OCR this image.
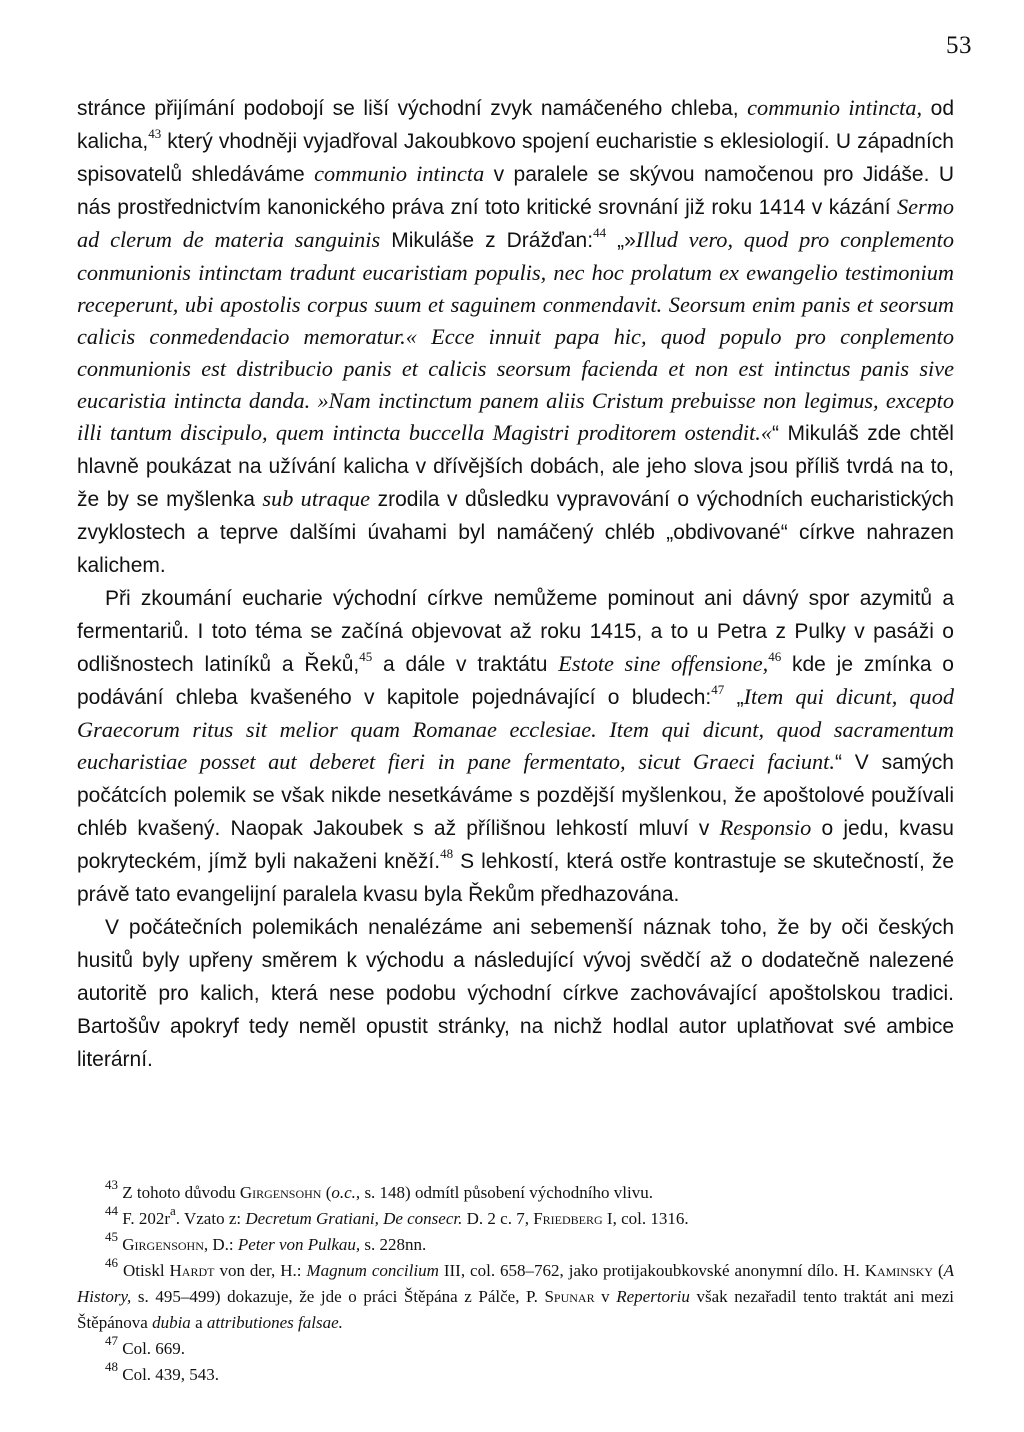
53

stránce přijímání podobojí se liší východní zvyk namáčeného chleba, communio intincta, od kalicha,$^{43}$ který vhodněji vyjadřoval Jakoubkovo spojení eucharistie s eklesiologií. U západních spisovatelů shledáváme communio intincta v paralele se skývou namočenou pro Jidáše. U nás prostřednictvím kanonického práva zní toto kritické srovnání již roku 1414 v kázání Sermo ad clerum de materia sanguinis Mikuláše z Drážďan:$^{44}$ „»Illud vero, quod pro conplemento conmunionis intinctam tradunt eucaristiam populis, nec hoc prolatum ex ewangelio testimonium receperunt, ubi apostolis corpus suum et saguinem conmendavit. Seorsum enim panis et seorsum calicis conmedendacio memoratur.« Ecce innuit papa hic, quod populo pro conplemento conmunionis est distribucio panis et calicis seorsum facienda et non est intinctus panis sive eucaristia intincta danda. »Nam inctinctum panem aliis Cristum prebuisse non legimus, excepto illi tantum discipulo, quem intincta buccella Magistri proditorem ostendit.«“ Mikuláš zde chtěl hlavně poukázat na užívání kalicha v dřívějších dobách, ale jeho slova jsou příliš tvrdá na to, že by se myšlenka sub utraque zrodila v důsledku vypravování o východních eucharistických zvyklostech a teprve dalšími úvahami byl namáčený chléb „obdivované“ církve nahrazen kalichem.

Při zkoumání eucharie východní církve nemůžeme pominout ani dávný spor azymitů a fermentariů. I toto téma se začíná objevovat až roku 1415, a to u Petra z Pulky v pasáži o odlišnostech latiníků a Řeků,$^{45}$ a dále v traktátu Estote sine offensione,$^{46}$ kde je zmínka o podávání chleba kvašeného v kapitole pojednávající o bludech:$^{47}$ „Item qui dicunt, quod Graecorum ritus sit melior quam Romanae ecclesiae. Item qui dicunt, quod sacramentum eucharistiae posset aut deberet fieri in pane fermentato, sicut Graeci faciunt.“ V samých počátcích polemik se však nikde nesetkáváme s pozdější myšlenkou, že apoštolové používali chléb kvašený. Naopak Jakoubek s až přílišnou lehkostí mluví v Responsio o jedu, kvasu pokryteckém, jímž byli nakaženi kněží.$^{48}$ S lehkostí, která ostře kontrastuje se skutečností, že právě tato evangelijní paralela kvasu byla Řekům předhazována.

V počátečních polemikách nenalézáme ani sebemenší náznak toho, že by oči českých husitů byly upřeny směrem k východu a následující vývoj svědčí až o dodatečně nalezené autoritě pro kalich, která nese podobu východní církve zachovávající apoštolskou tradici. Bartošův apokryf tedy neměl opustit stránky, na nichž hodlal autor uplatňovat své ambice literární.

$^{43}$ Z tohoto důvodu Girgensohn (o.c., s. 148) odmítl působení východního vlivu.

$^{44}$ F. $202r^a$. Vzato z: Decretum Gratiani, De consecr. D. 2 c. 7, Friedberg I, col. 1316.

$^{45}$ Girgensohn, D.: Peter von Pulkau, s. 228nn.

$^{46}$ Otiskl Hardt von der, H.: Magnum concilium III, col. 658–762, jako protijakoubkovské anonymní dílo. H. Kaminsky (A History, s. 495–499) dokazuje, že jde o práci Štěpána z Pálče, P. Spunar v Repertoriu však nezařadil tento traktát ani mezi Štěpánova dubia a attributiones falsae.

$^{47}$ Col. 669.

$^{48}$ Col. 439, 543.
